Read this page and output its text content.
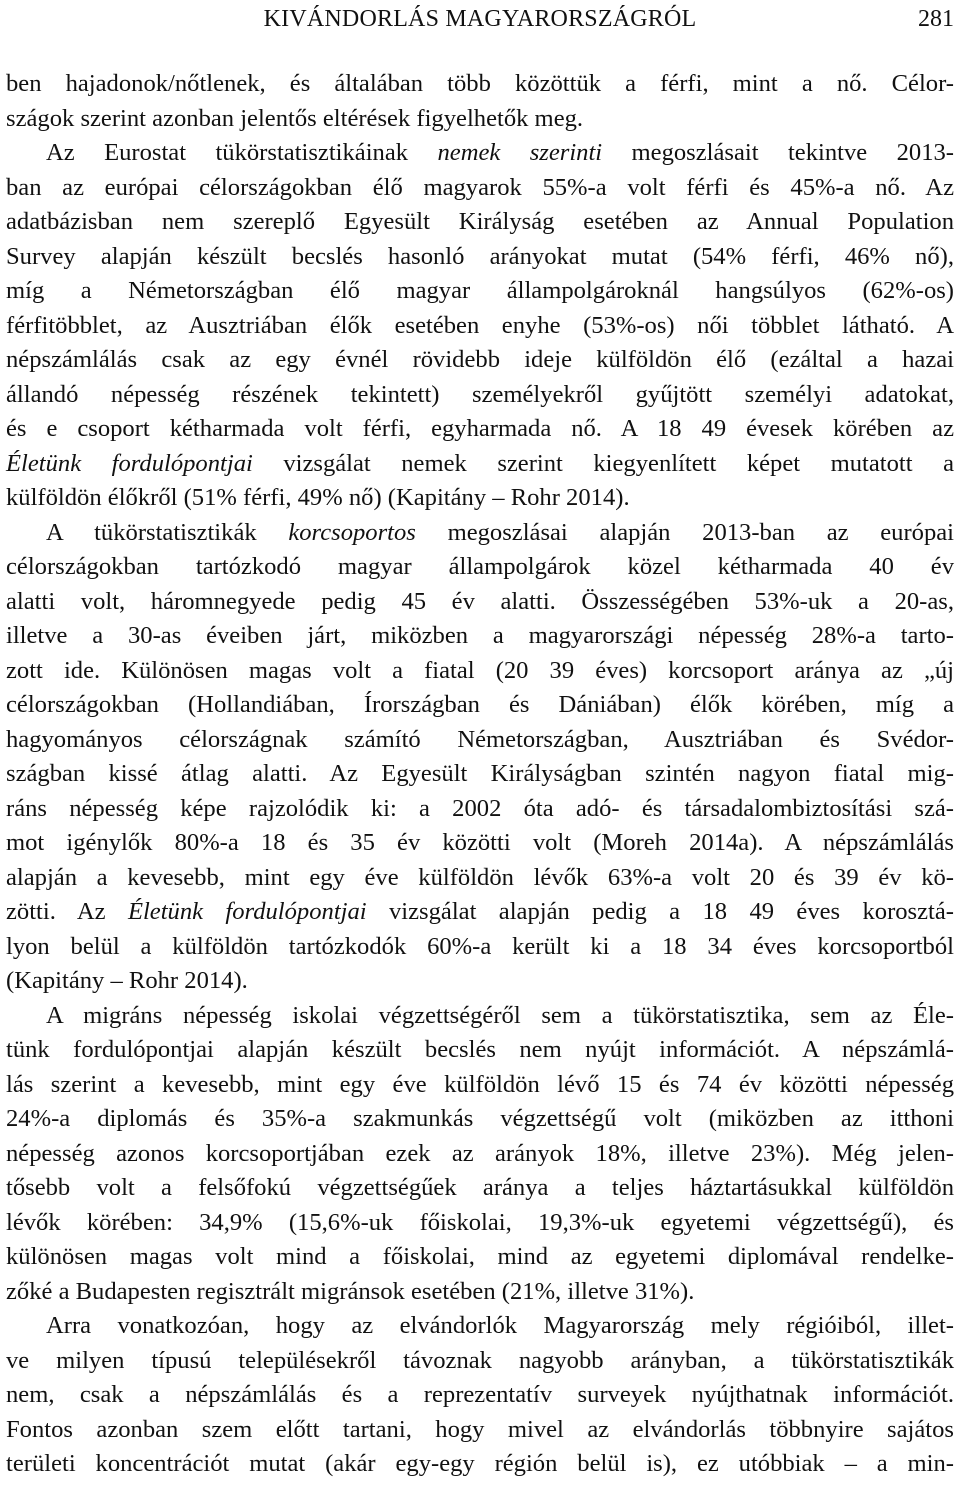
KIVÁNDORLÁS MAGYARORSZÁGRÓL	281
ben hajadonok/nőtlenek, és általában több közöttük a férfi, mint a nő. Célor-
szágok szerint azonban jelentős eltérések figyelhetők meg.
Az Eurostat tükörstatisztikáinak nemek szerinti megoszlásait tekintve 2013-
ban az európai célországokban élő magyarok 55%-a volt férfi és 45%-a nő. Az
adatbázisban nem szereplő Egyesült Királyság esetében az Annual Population
Survey alapján készült becslés hasonló arányokat mutat (54% férfi, 46% nő),
míg a Németországban élő magyar állampolgároknál hangsúlyos (62%-os)
férfitöbblet, az Ausztriában élők esetében enyhe (53%-os) női többlet látható. A
népszámlálás csak az egy évnél rövidebb ideje külföldön élő (ezáltal a hazai
állandó népesség részének tekintett) személyekről gyűjtött személyi adatokat,
és e csoport kétharmada volt férfi, egyharmada nő. A 18 49 évesek körében az
Életünk fordulópontjai vizsgálat nemek szerint kiegyenlített képet mutatott a
külföldön élőkről (51% férfi, 49% nő) (Kapitány – Rohr 2014).
A tükörstatisztikák korcsoportos megoszlásai alapján 2013-ban az európai
célországokban tartózkodó magyar állampolgárok közel kétharmada 40 év
alatti volt, háromnegyede pedig 45 év alatti. Összességében 53%-uk a 20-as,
illetve a 30-as éveiben járt, miközben a magyarországi népesség 28%-a tarto-
zott ide. Különösen magas volt a fiatal (20 39 éves) korcsoport aránya az „új
célországokban (Hollandiában, Írországban és Dániában) élők körében, míg a
hagyományos célországnak számító Németországban, Ausztriában és Svédor-
szágban kissé átlag alatti. Az Egyesült Királyságban szintén nagyon fiatal mig-
ráns népesség képe rajzolódik ki: a 2002 óta adó- és társadalombiztosítási szá-
mot igénylők 80%-a 18 és 35 év közötti volt (Moreh 2014a). A népszámlálás
alapján a kevesebb, mint egy éve külföldön lévők 63%-a volt 20 és 39 év kö-
zötti. Az Életünk fordulópontjai vizsgálat alapján pedig a 18 49 éves korosztá-
lyon belül a külföldön tartózkodók 60%-a került ki a 18 34 éves korcsoportból
(Kapitány – Rohr 2014).
A migráns népesség iskolai végzettségéről sem a tükörstatisztika, sem az Éle-
tünk fordulópontjai alapján készült becslés nem nyújt információt. A népszámlá-
lás szerint a kevesebb, mint egy éve külföldön lévő 15 és 74 év közötti népesség
24%-a diplomás és 35%-a szakmunkás végzettségű volt (miközben az itthoni
népesség azonos korcsoportjában ezek az arányok 18%, illetve 23%). Még jelen-
tősebb volt a felsőfokú végzettségűek aránya a teljes háztartásukkal külföldön
lévők körében: 34,9% (15,6%-uk főiskolai, 19,3%-uk egyetemi végzettségű), és
különösen magas volt mind a főiskolai, mind az egyetemi diplomával rendelke-
zőké a Budapesten regisztrált migránsok esetében (21%, illetve 31%).
Arra vonatkozóan, hogy az elvándorlók Magyarország mely régióiból, illet-
ve milyen típusú településekről távoznak nagyobb arányban, a tükörstatisztikák
nem, csak a népszámlálás és a reprezentatív surveyek nyújthatnak információt.
Fontos azonban szem előtt tartani, hogy mivel az elvándorlás többnyire sajátos
területi koncentrációt mutat (akár egy-egy régión belül is), ez utóbbiak – a min-
